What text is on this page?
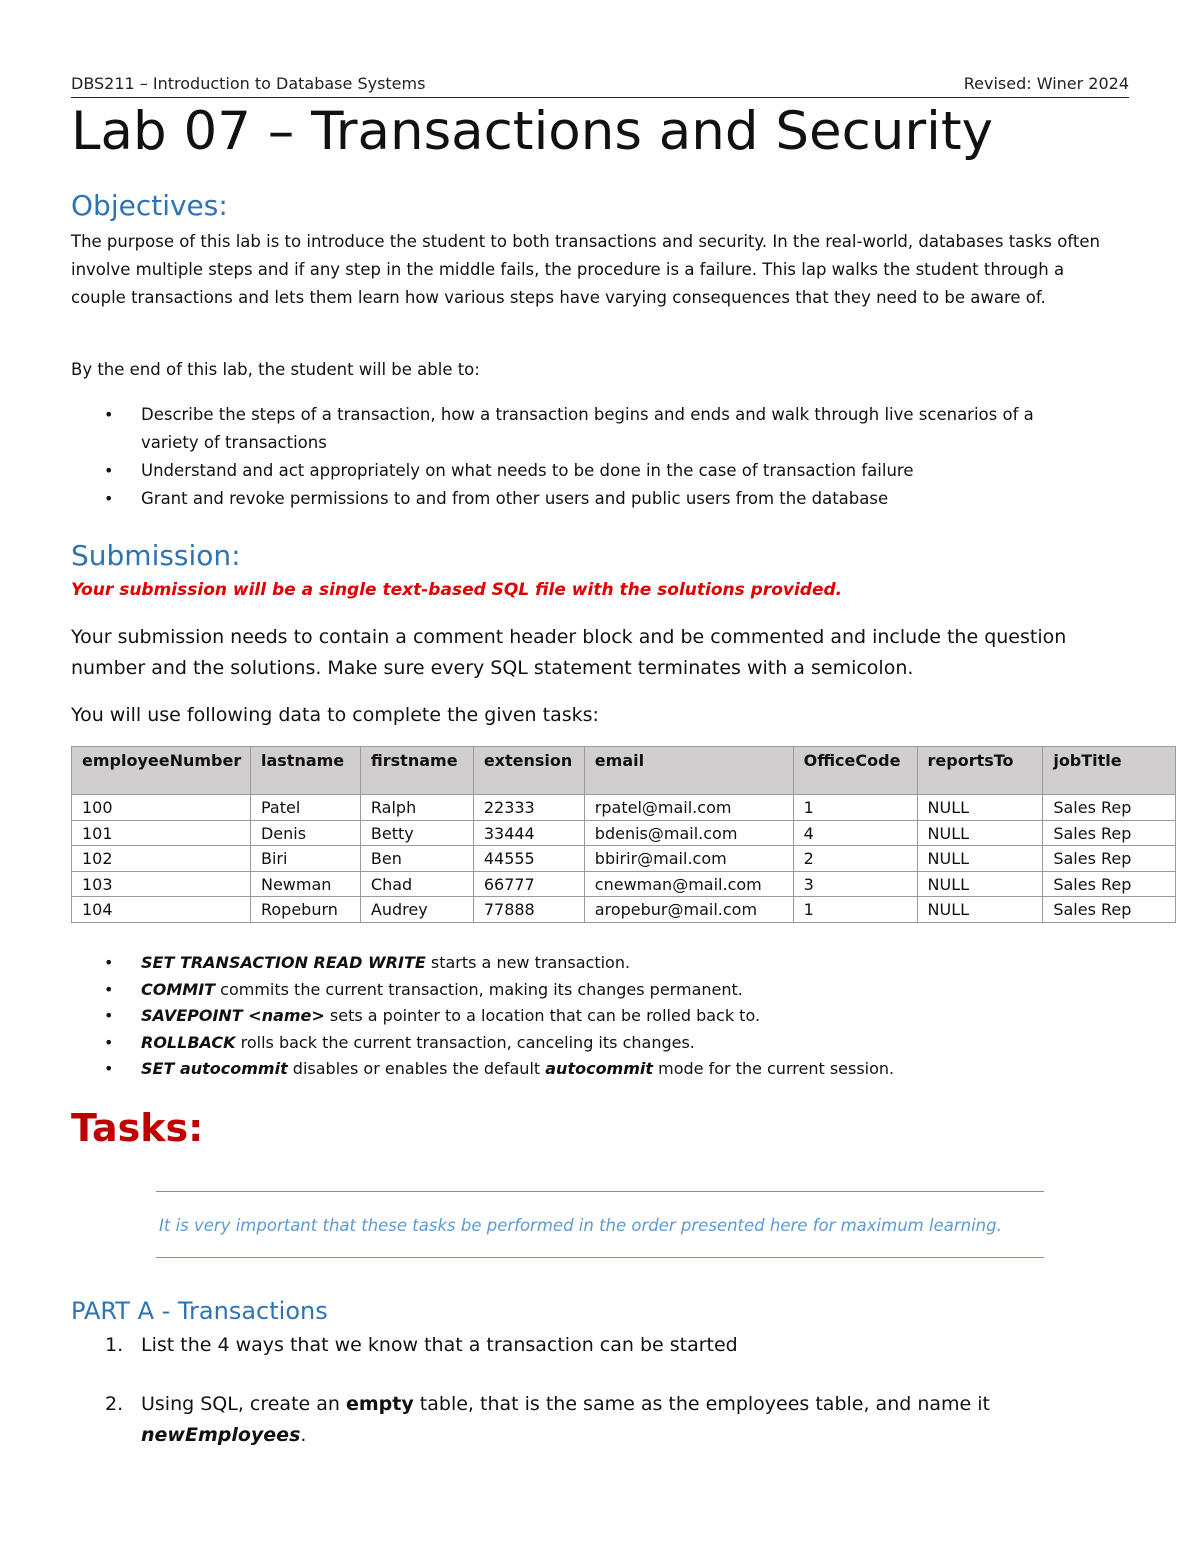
DBS211 – Introduction to Database Systems	Revised: Winer 2024
Lab 07 – Transactions and Security
Objectives:
The purpose of this lab is to introduce the student to both transactions and security. In the real-world, databases tasks often involve multiple steps and if any step in the middle fails, the procedure is a failure. This lap walks the student through a couple transactions and lets them learn how various steps have varying consequences that they need to be aware of.
By the end of this lab, the student will be able to:
• Describe the steps of a transaction, how a transaction begins and ends and walk through live scenarios of a variety of transactions
• Understand and act appropriately on what needs to be done in the case of transaction failure
• Grant and revoke permissions to and from other users and public users from the database
Submission:
Your submission will be a single text-based SQL file with the solutions provided.
Your submission needs to contain a comment header block and be commented and include the question number and the solutions. Make sure every SQL statement terminates with a semicolon.
You will use following data to complete the given tasks:
employeeNumber	lastname	firstname	extension	email	OfficeCode	reportsTo	jobTitle
100	Patel	Ralph	22333	rpatel@mail.com	1	NULL	Sales Rep
101	Denis	Betty	33444	bdenis@mail.com	4	NULL	Sales Rep
102	Biri	Ben	44555	bbirir@mail.com	2	NULL	Sales Rep
103	Newman	Chad	66777	cnewman@mail.com	3	NULL	Sales Rep
104	Ropeburn	Audrey	77888	aropebur@mail.com	1	NULL	Sales Rep
• SET TRANSACTION READ WRITE starts a new transaction.
• COMMIT commits the current transaction, making its changes permanent.
• SAVEPOINT <name> sets a pointer to a location that can be rolled back to.
• ROLLBACK rolls back the current transaction, canceling its changes.
• SET autocommit disables or enables the default autocommit mode for the current session.
Tasks:
It is very important that these tasks be performed in the order presented here for maximum learning.
PART A - Transactions
1. List the 4 ways that we know that a transaction can be started
2. Using SQL, create an empty table, that is the same as the employees table, and name it newEmployees.
